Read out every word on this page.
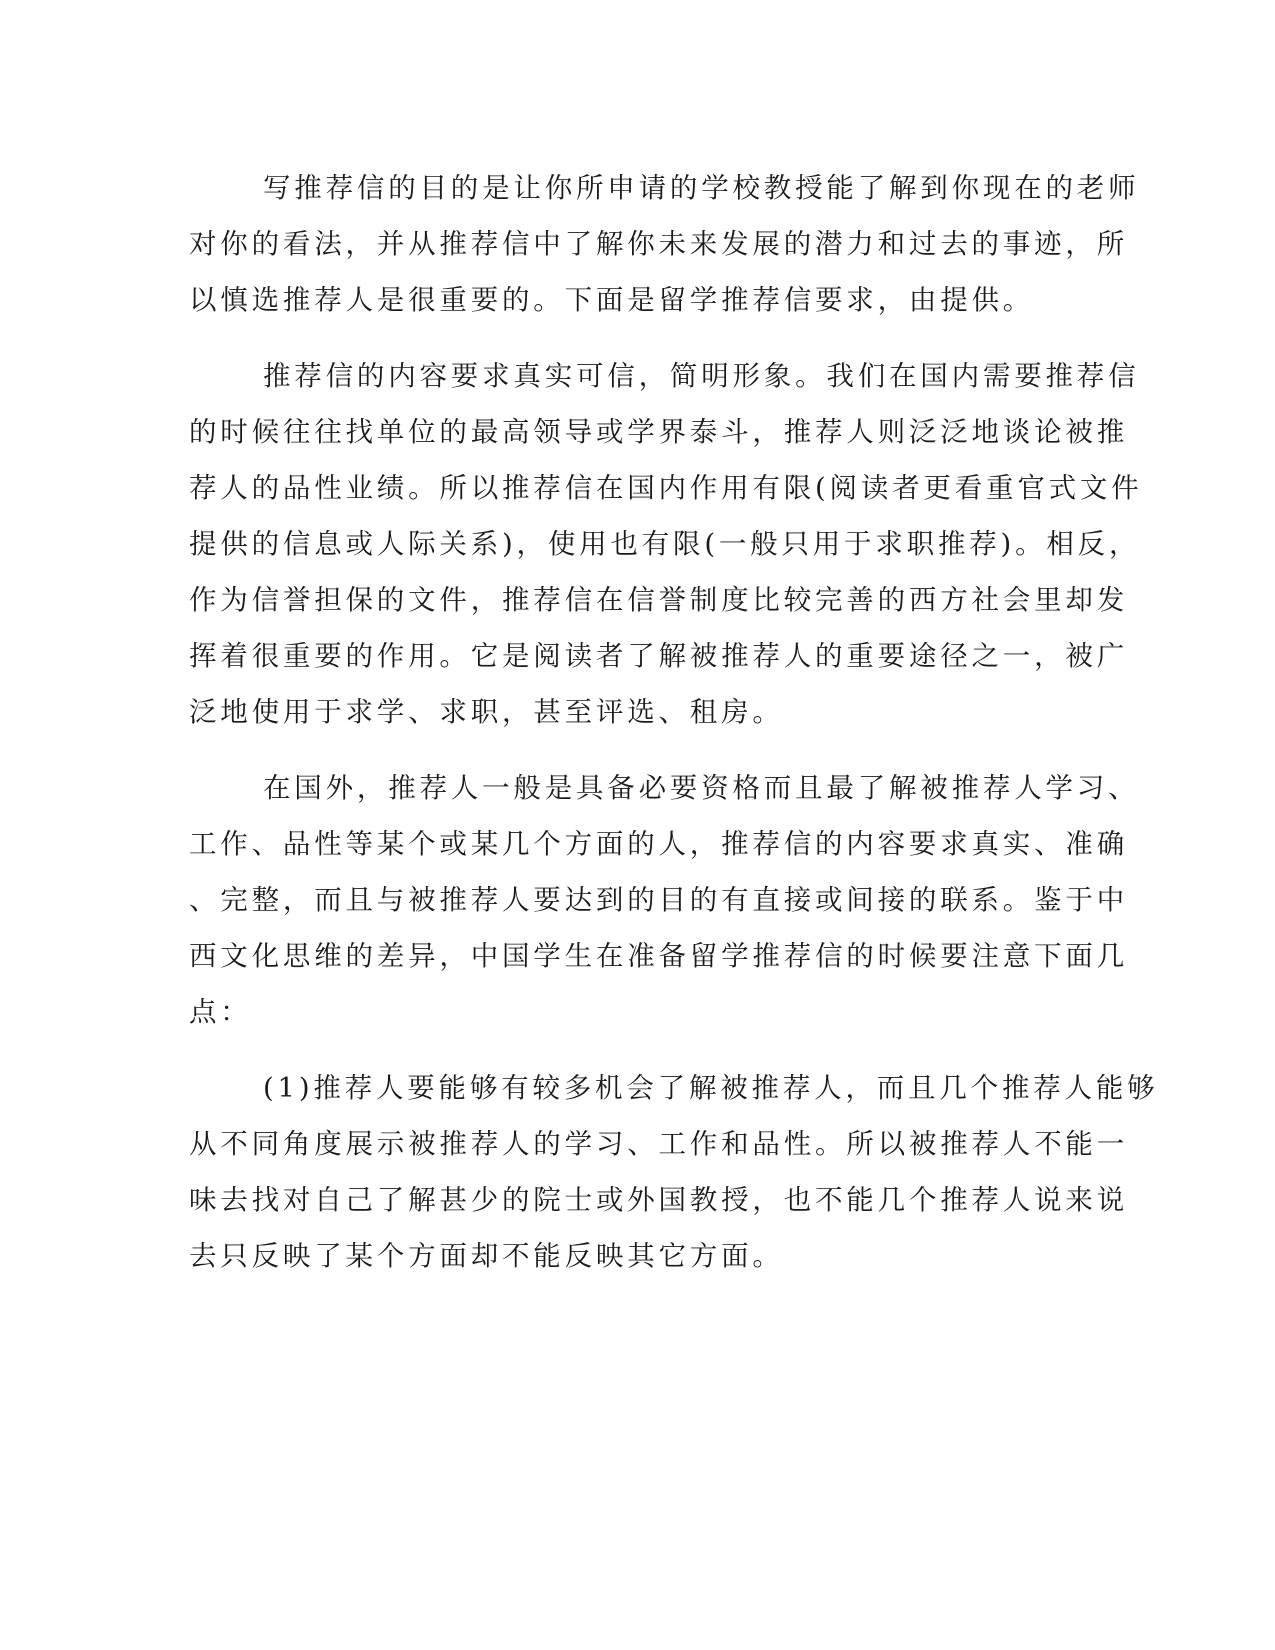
写推荐信的目的是让你所申请的学校教授能了解到你现在的老师
对你的看法，并从推荐信中了解你未来发展的潜力和过去的事迹，所
以慎选推荐人是很重要的。下面是留学推荐信要求，由提供。
推荐信的内容要求真实可信，简明形象。我们在国内需要推荐信
的时候往往找单位的最高领导或学界泰斗，推荐人则泛泛地谈论被推
荐人的品性业绩。所以推荐信在国内作用有限(阅读者更看重官式文件
提供的信息或人际关系)，使用也有限(一般只用于求职推荐)。相反，
作为信誉担保的文件，推荐信在信誉制度比较完善的西方社会里却发
挥着很重要的作用。它是阅读者了解被推荐人的重要途径之一，被广
泛地使用于求学、求职，甚至评选、租房。
在国外，推荐人一般是具备必要资格而且最了解被推荐人学习、
工作、品性等某个或某几个方面的人，推荐信的内容要求真实、准确
、完整，而且与被推荐人要达到的目的有直接或间接的联系。鉴于中
西文化思维的差异，中国学生在准备留学推荐信的时候要注意下面几
点：
(1)推荐人要能够有较多机会了解被推荐人，而且几个推荐人能够
从不同角度展示被推荐人的学习、工作和品性。所以被推荐人不能一
味去找对自己了解甚少的院士或外国教授，也不能几个推荐人说来说
去只反映了某个方面却不能反映其它方面。
